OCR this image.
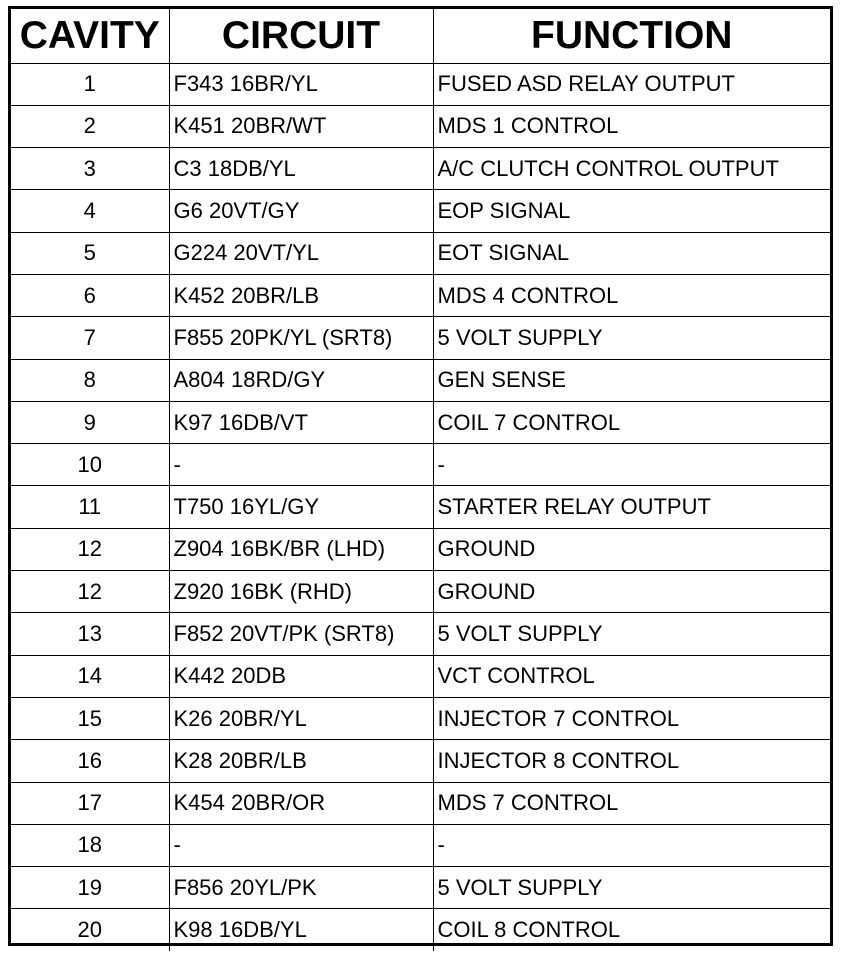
CAVITY	CIRCUIT	FUNCTION
1	F343 16BR/YL	FUSED ASD RELAY OUTPUT
2	K451 20BR/WT	MDS 1 CONTROL
3	C3 18DB/YL	A/C CLUTCH CONTROL OUTPUT
4	G6 20VT/GY	EOP SIGNAL
5	G224 20VT/YL	EOT SIGNAL
6	K452 20BR/LB	MDS 4 CONTROL
7	F855 20PK/YL (SRT8)	5 VOLT SUPPLY
8	A804 18RD/GY	GEN SENSE
9	K97 16DB/VT	COIL 7 CONTROL
10	-	-
11	T750 16YL/GY	STARTER RELAY OUTPUT
12	Z904 16BK/BR (LHD)	GROUND
12	Z920 16BK (RHD)	GROUND
13	F852 20VT/PK (SRT8)	5 VOLT SUPPLY
14	K442 20DB	VCT CONTROL
15	K26 20BR/YL	INJECTOR 7 CONTROL
16	K28 20BR/LB	INJECTOR 8 CONTROL
17	K454 20BR/OR	MDS 7 CONTROL
18	-	-
19	F856 20YL/PK	5 VOLT SUPPLY
20	K98 16DB/YL	COIL 8 CONTROL
